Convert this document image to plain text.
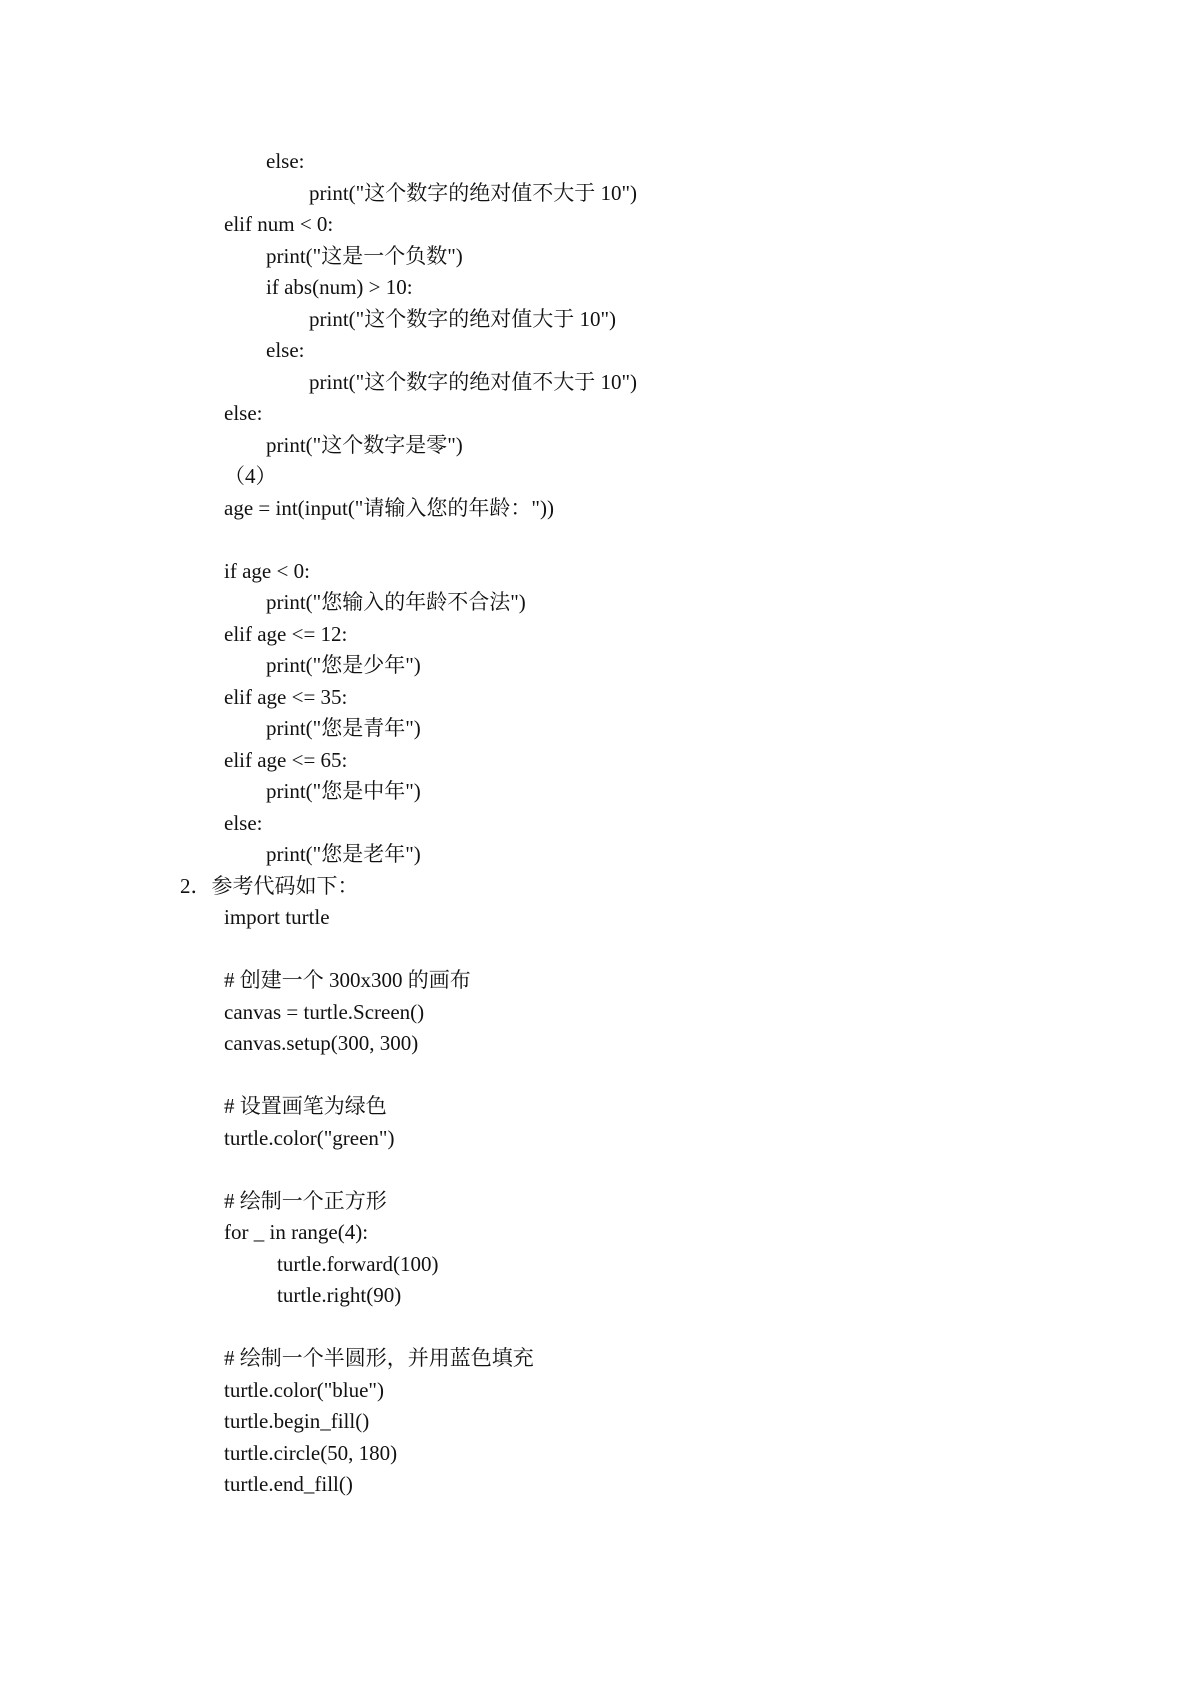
else:
print("这个数字的绝对值不大于 10")
elif num < 0:
print("这是一个负数")
if abs(num) > 10:
print("这个数字的绝对值大于 10")
else:
print("这个数字的绝对值不大于 10")
else:
print("这个数字是零")
（4）
age = int(input("请输入您的年龄："))
if age < 0:
print("您输入的年龄不合法")
elif age <= 12:
print("您是少年")
elif age <= 35:
print("您是青年")
elif age <= 65:
print("您是中年")
else:
print("您是老年")
2．参考代码如下：
import turtle
# 创建一个 300x300 的画布
canvas = turtle.Screen()
canvas.setup(300, 300)
# 设置画笔为绿色
turtle.color("green")
# 绘制一个正方形
for _ in range(4):
turtle.forward(100)
turtle.right(90)
# 绘制一个半圆形，并用蓝色填充
turtle.color("blue")
turtle.begin_fill()
turtle.circle(50, 180)
turtle.end_fill()
